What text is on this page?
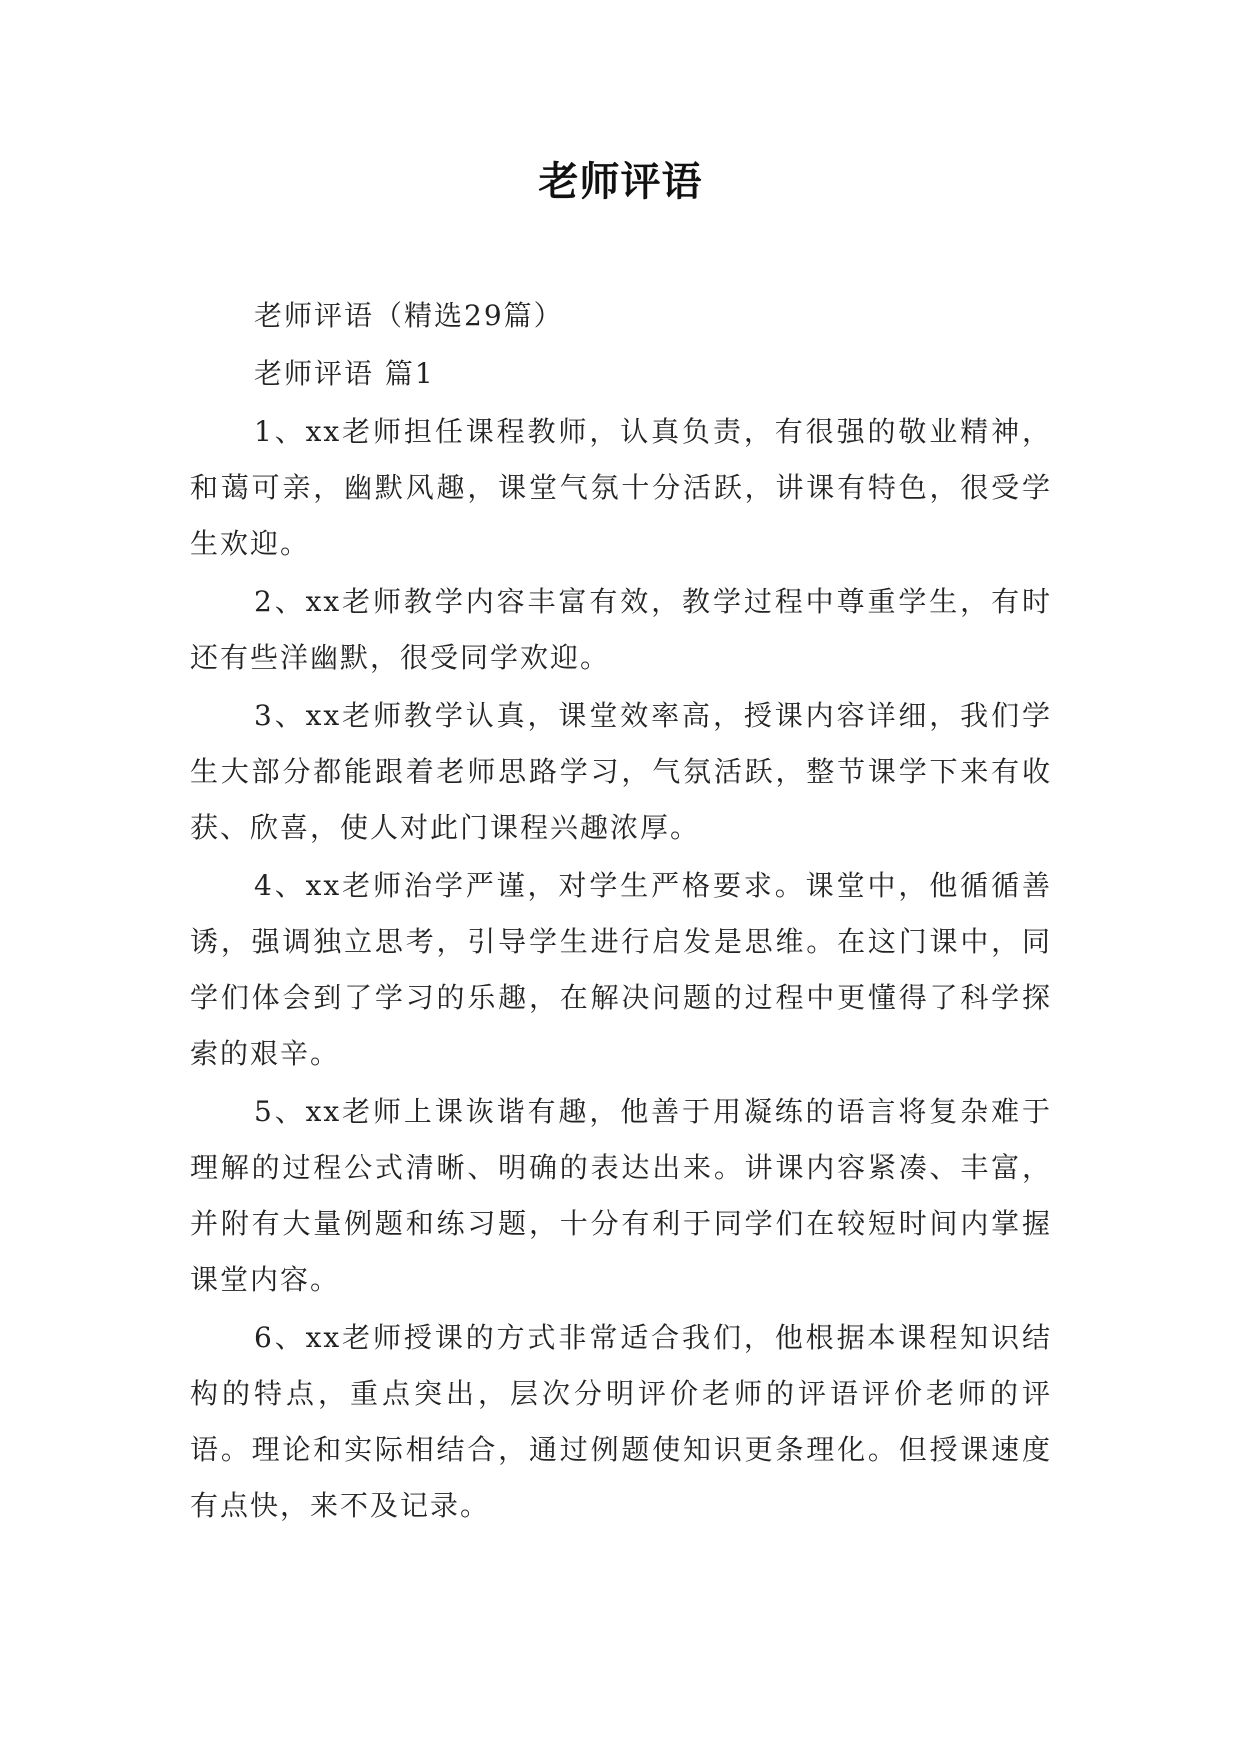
老师评语

老师评语（精选29篇）

老师评语 篇1

1、xx老师担任课程教师，认真负责，有很强的敬业精神，和蔼可亲，幽默风趣，课堂气氛十分活跃，讲课有特色，很受学生欢迎。

2、xx老师教学内容丰富有效，教学过程中尊重学生，有时还有些洋幽默，很受同学欢迎。

3、xx老师教学认真，课堂效率高，授课内容详细，我们学生大部分都能跟着老师思路学习，气氛活跃，整节课学下来有收获、欣喜，使人对此门课程兴趣浓厚。

4、xx老师治学严谨，对学生严格要求。课堂中，他循循善诱，强调独立思考，引导学生进行启发是思维。在这门课中，同学们体会到了学习的乐趣，在解决问题的过程中更懂得了科学探索的艰辛。

5、xx老师上课诙谐有趣，他善于用凝练的语言将复杂难于理解的过程公式清晰、明确的表达出来。讲课内容紧凑、丰富，并附有大量例题和练习题，十分有利于同学们在较短时间内掌握课堂内容。

6、xx老师授课的方式非常适合我们，他根据本课程知识结构的特点，重点突出，层次分明评价老师的评语评价老师的评语。理论和实际相结合，通过例题使知识更条理化。但授课速度有点快，来不及记录。
